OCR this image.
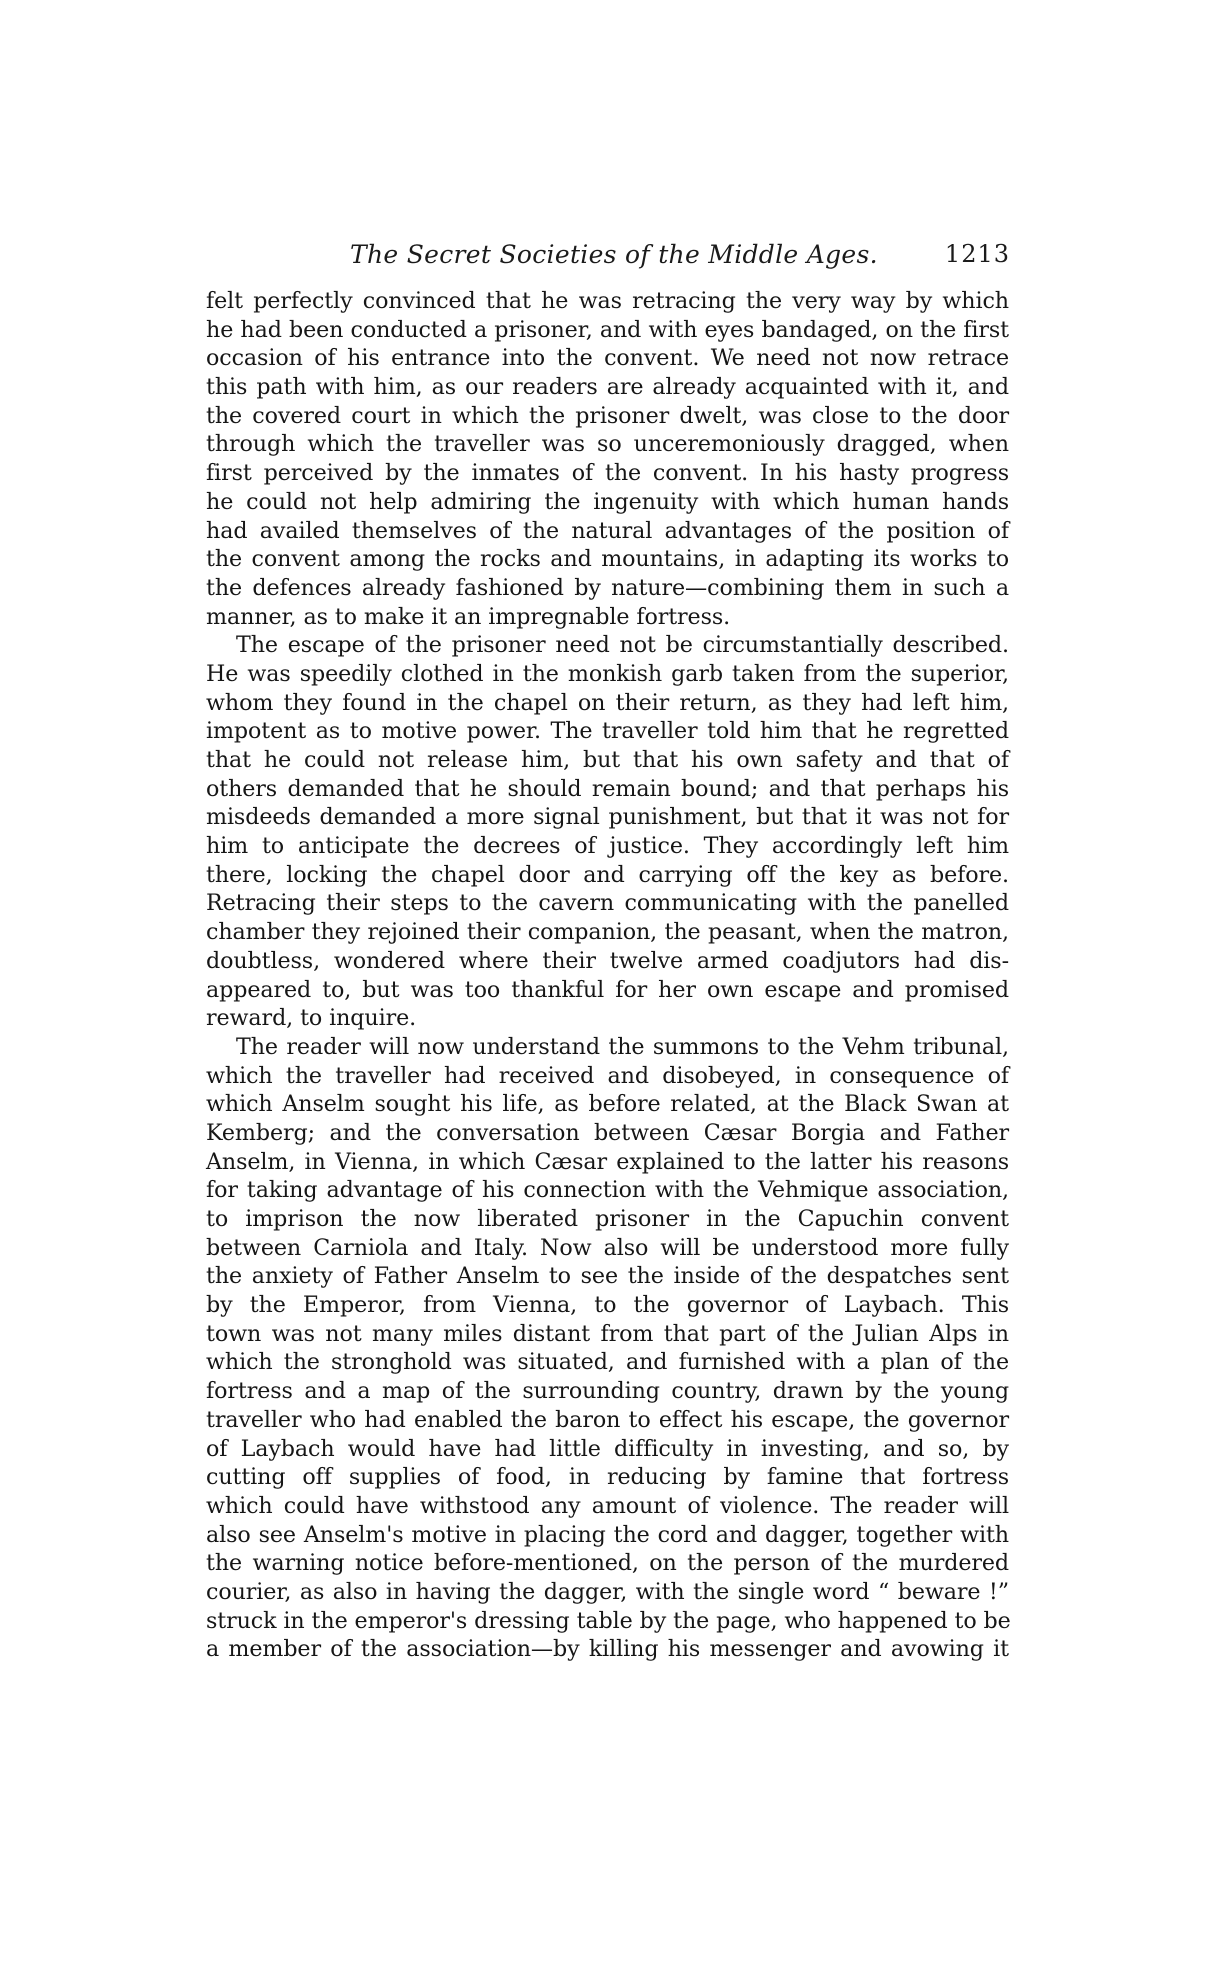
The Secret Societies of the Middle Ages.	1213
felt perfectly convinced that he was retracing the very way by which
he had been conducted a prisoner, and with eyes bandaged, on the first
occasion of his entrance into the convent. We need not now retrace
this path with him, as our readers are already acquainted with it, and
the covered court in which the prisoner dwelt, was close to the door
through which the traveller was so unceremoniously dragged, when
first perceived by the inmates of the convent. In his hasty progress
he could not help admiring the ingenuity with which human hands
had availed themselves of the natural advantages of the position of
the convent among the rocks and mountains, in adapting its works to
the defences already fashioned by nature—combining them in such a
manner, as to make it an impregnable fortress.
The escape of the prisoner need not be circumstantially described.
He was speedily clothed in the monkish garb taken from the superior,
whom they found in the chapel on their return, as they had left him,
impotent as to motive power. The traveller told him that he regretted
that he could not release him, but that his own safety and that of
others demanded that he should remain bound; and that perhaps his
misdeeds demanded a more signal punishment, but that it was not for
him to anticipate the decrees of justice. They accordingly left him
there, locking the chapel door and carrying off the key as before.
Retracing their steps to the cavern communicating with the panelled
chamber they rejoined their companion, the peasant, when the matron,
doubtless, wondered where their twelve armed coadjutors had dis-
appeared to, but was too thankful for her own escape and promised
reward, to inquire.
The reader will now understand the summons to the Vehm tribunal,
which the traveller had received and disobeyed, in consequence of
which Anselm sought his life, as before related, at the Black Swan at
Kemberg; and the conversation between Cæsar Borgia and Father
Anselm, in Vienna, in which Cæsar explained to the latter his reasons
for taking advantage of his connection with the Vehmique association,
to imprison the now liberated prisoner in the Capuchin convent
between Carniola and Italy. Now also will be understood more fully
the anxiety of Father Anselm to see the inside of the despatches sent
by the Emperor, from Vienna, to the governor of Laybach. This
town was not many miles distant from that part of the Julian Alps in
which the stronghold was situated, and furnished with a plan of the
fortress and a map of the surrounding country, drawn by the young
traveller who had enabled the baron to effect his escape, the governor
of Laybach would have had little difficulty in investing, and so, by
cutting off supplies of food, in reducing by famine that fortress
which could have withstood any amount of violence. The reader will
also see Anselm's motive in placing the cord and dagger, together with
the warning notice before-mentioned, on the person of the murdered
courier, as also in having the dagger, with the single word “ beware !”
struck in the emperor's dressing table by the page, who happened to be
a member of the association—by killing his messenger and avowing it
